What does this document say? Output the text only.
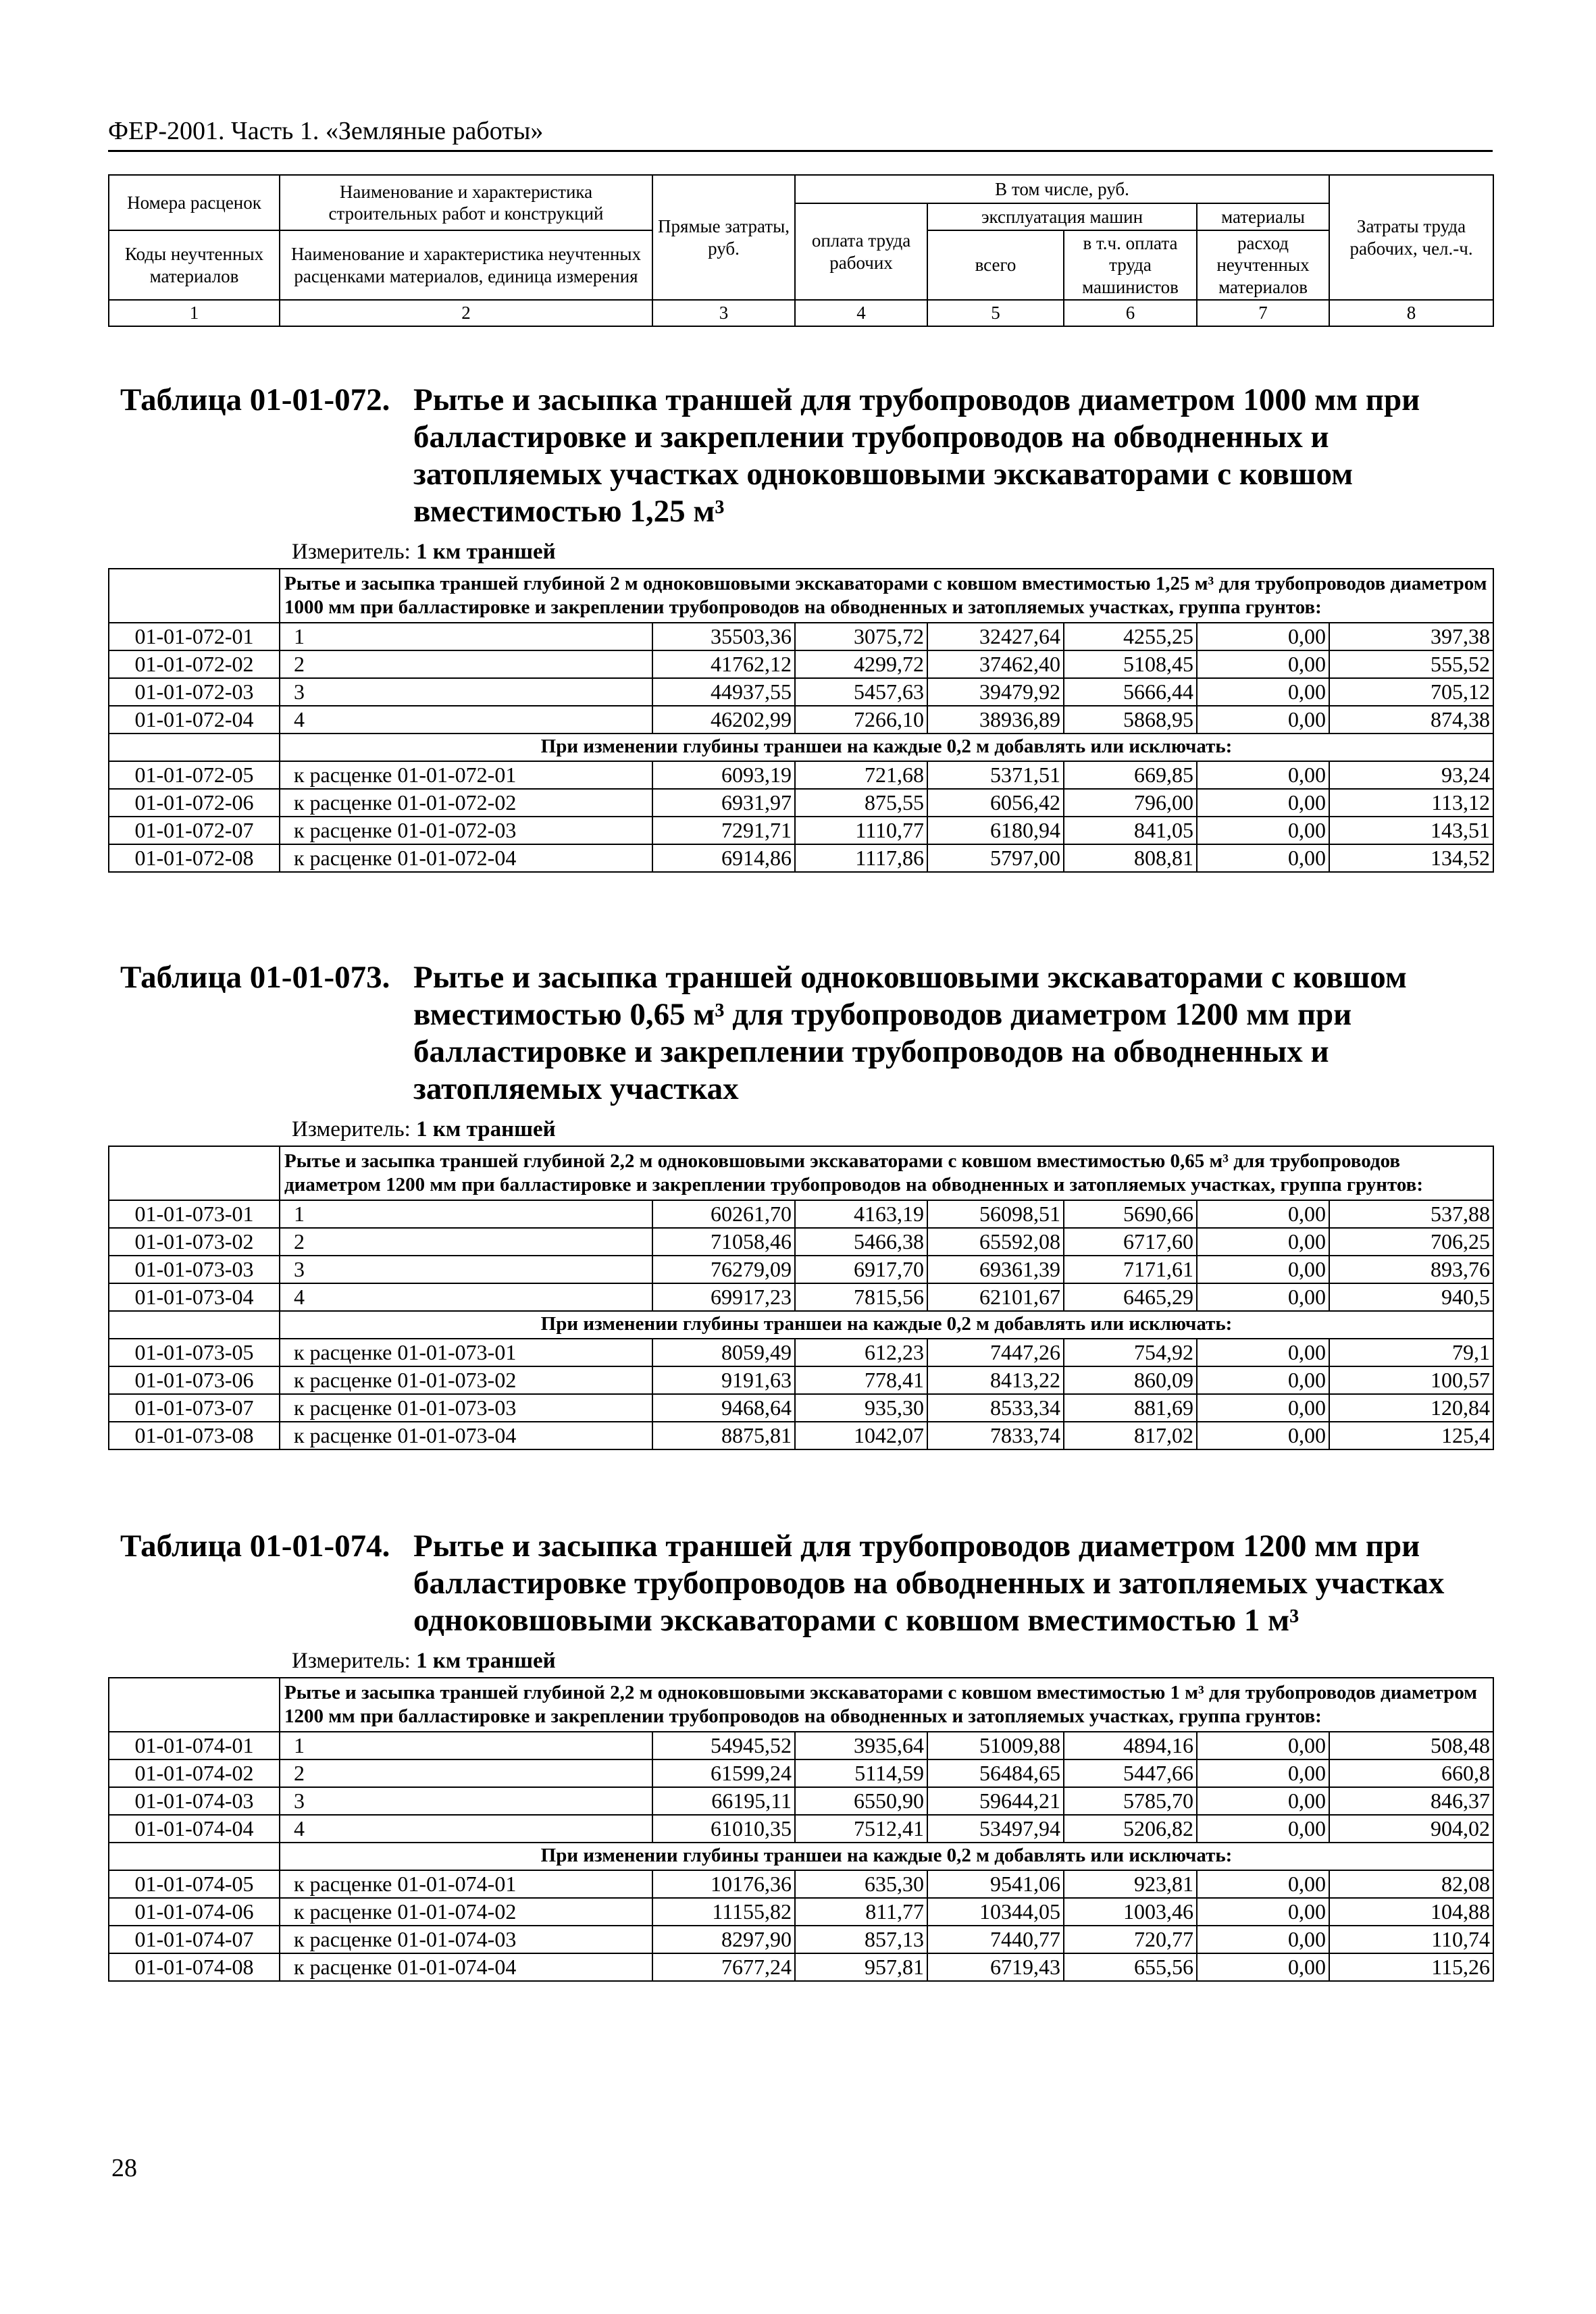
ФЕР-2001. Часть 1. «Земляные работы»
Номера расценок	Наименование и характеристика строительных работ и конструкций	Прямые затраты, руб.	В том числе, руб.				Затраты труда рабочих, чел.-ч.
			оплата труда рабочих	эксплуатация машин		материалы	
Коды неучтенных материалов	Наименование и характеристика неучтенных расценками материалов, единица измерения			всего	в т.ч. оплата труда машинистов	расход неучтенных материалов	

1	2	3	4	5	6	7	8
Таблица 01-01-072. Рытье и засыпка траншей для трубопроводов диаметром 1000 мм при балластировке и закреплении трубопроводов на обводненных и затопляемых участках одноковшовыми экскаваторами с ковшом вместимостью 1,25 м³
Измеритель: 1 км траншей
	Рытье и засыпка траншей глубиной 2 м одноковшовыми экскаваторами с ковшом вместимостью 1,25 м³ для трубопроводов диаметром 1000 мм при балластировке и закреплении трубопроводов на обводненных и затопляемых участках, группа грунтов:						
01-01-072-01	1	35503,36	3075,72	32427,64	4255,25	0,00	397,38
01-01-072-02	2	41762,12	4299,72	37462,40	5108,45	0,00	555,52
01-01-072-03	3	44937,55	5457,63	39479,92	5666,44	0,00	705,12
01-01-072-04	4	46202,99	7266,10	38936,89	5868,95	0,00	874,38
	При изменении глубины траншеи на каждые 0,2 м добавлять или исключать:						
01-01-072-05	к расценке 01-01-072-01	6093,19	721,68	5371,51	669,85	0,00	93,24
01-01-072-06	к расценке 01-01-072-02	6931,97	875,55	6056,42	796,00	0,00	113,12
01-01-072-07	к расценке 01-01-072-03	7291,71	1110,77	6180,94	841,05	0,00	143,51
01-01-072-08	к расценке 01-01-072-04	6914,86	1117,86	5797,00	808,81	0,00	134,52
Таблица 01-01-073. Рытье и засыпка траншей одноковшовыми экскаваторами с ковшом вместимостью 0,65 м³ для трубопроводов диаметром 1200 мм при балластировке и закреплении трубопроводов на обводненных и затопляемых участках
Измеритель: 1 км траншей
	Рытье и засыпка траншей глубиной 2,2 м одноковшовыми экскаваторами с ковшом вместимостью 0,65 м³ для трубопроводов диаметром 1200 мм при балластировке и закреплении трубопроводов на обводненных и затопляемых участках, группа грунтов:						
01-01-073-01	1	60261,70	4163,19	56098,51	5690,66	0,00	537,88
01-01-073-02	2	71058,46	5466,38	65592,08	6717,60	0,00	706,25
01-01-073-03	3	76279,09	6917,70	69361,39	7171,61	0,00	893,76
01-01-073-04	4	69917,23	7815,56	62101,67	6465,29	0,00	940,5
	При изменении глубины траншеи на каждые 0,2 м добавлять или исключать:						
01-01-073-05	к расценке 01-01-073-01	8059,49	612,23	7447,26	754,92	0,00	79,1
01-01-073-06	к расценке 01-01-073-02	9191,63	778,41	8413,22	860,09	0,00	100,57
01-01-073-07	к расценке 01-01-073-03	9468,64	935,30	8533,34	881,69	0,00	120,84
01-01-073-08	к расценке 01-01-073-04	8875,81	1042,07	7833,74	817,02	0,00	125,4
Таблица 01-01-074. Рытье и засыпка траншей для трубопроводов диаметром 1200 мм при балластировке трубопроводов на обводненных и затопляемых участках одноковшовыми экскаваторами с ковшом вместимостью 1 м³
Измеритель: 1 км траншей
	Рытье и засыпка траншей глубиной 2,2 м одноковшовыми экскаваторами с ковшом вместимостью 1 м³ для трубопроводов диаметром 1200 мм при балластировке и закреплении трубопроводов на обводненных и затопляемых участках, группа грунтов:						
01-01-074-01	1	54945,52	3935,64	51009,88	4894,16	0,00	508,48
01-01-074-02	2	61599,24	5114,59	56484,65	5447,66	0,00	660,8
01-01-074-03	3	66195,11	6550,90	59644,21	5785,70	0,00	846,37
01-01-074-04	4	61010,35	7512,41	53497,94	5206,82	0,00	904,02
	При изменении глубины траншеи на каждые 0,2 м добавлять или исключать:						
01-01-074-05	к расценке 01-01-074-01	10176,36	635,30	9541,06	923,81	0,00	82,08
01-01-074-06	к расценке 01-01-074-02	11155,82	811,77	10344,05	1003,46	0,00	104,88
01-01-074-07	к расценке 01-01-074-03	8297,90	857,13	7440,77	720,77	0,00	110,74
01-01-074-08	к расценке 01-01-074-04	7677,24	957,81	6719,43	655,56	0,00	115,26
28
